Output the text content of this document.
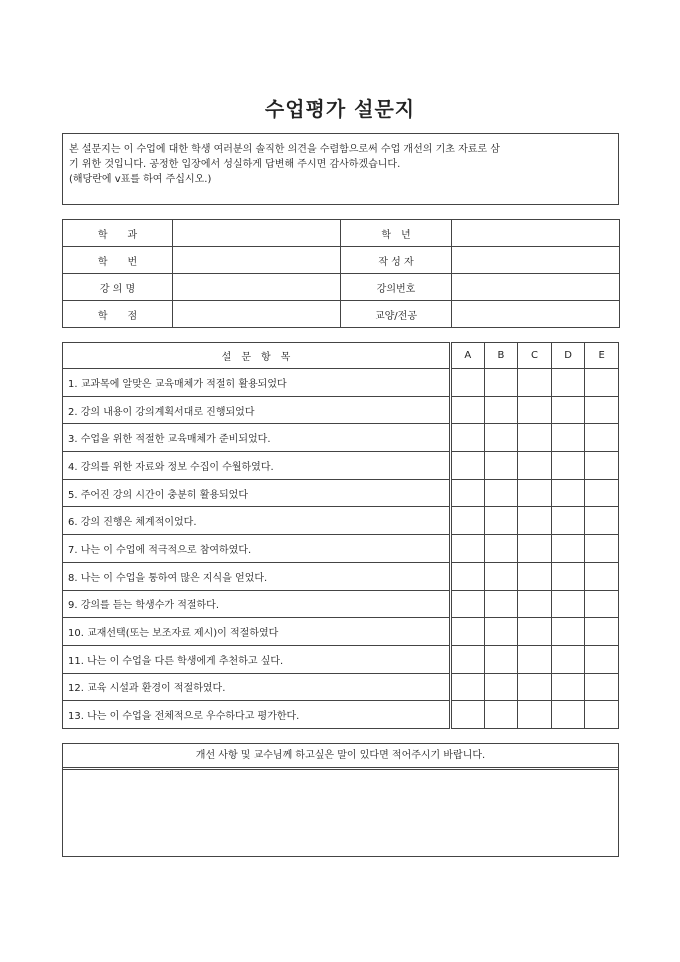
수업평가 설문지
본 설문지는 이 수업에 대한 학생 여러분의 솔직한 의견을 수렴함으로써 수업 개선의 기초 자료로 삼
기 위한 것입니다. 공정한 입장에서 성실하게 답변해 주시면 감사하겠습니다.
(해당란에 v표를 하여 주십시오.)
학　　과		학　년	
학　　번		작 성 자	
강 의 명		강의번호	
학　　점		교양/전공	
설　문　항　목	A	B	C	D	E
1. 교과목에 알맞은 교육매체가 적절히 활용되었다					
2. 강의 내용이 강의계획서대로 진행되었다					
3. 수업을 위한 적절한 교육매체가 준비되었다.					
4. 강의를 위한 자료와 정보 수집이 수월하였다.					
5. 주어진 강의 시간이 충분히 활용되었다					
6. 강의 진행은 체계적이었다.					
7. 나는 이 수업에 적극적으로 참여하였다.					
8. 나는 이 수업을 통하여 많은 지식을 얻었다.					
9. 강의를 듣는 학생수가 적절하다.					
10. 교재선택(또는 보조자료 제시)이 적절하였다					
11. 나는 이 수업을 다른 학생에게 추천하고 싶다.					
12. 교육 시설과 환경이 적절하였다.					
13. 나는 이 수업을 전체적으로 우수하다고 평가한다.					
개선 사항 및 교수님께 하고싶은 말이 있다면 적어주시기 바랍니다.
